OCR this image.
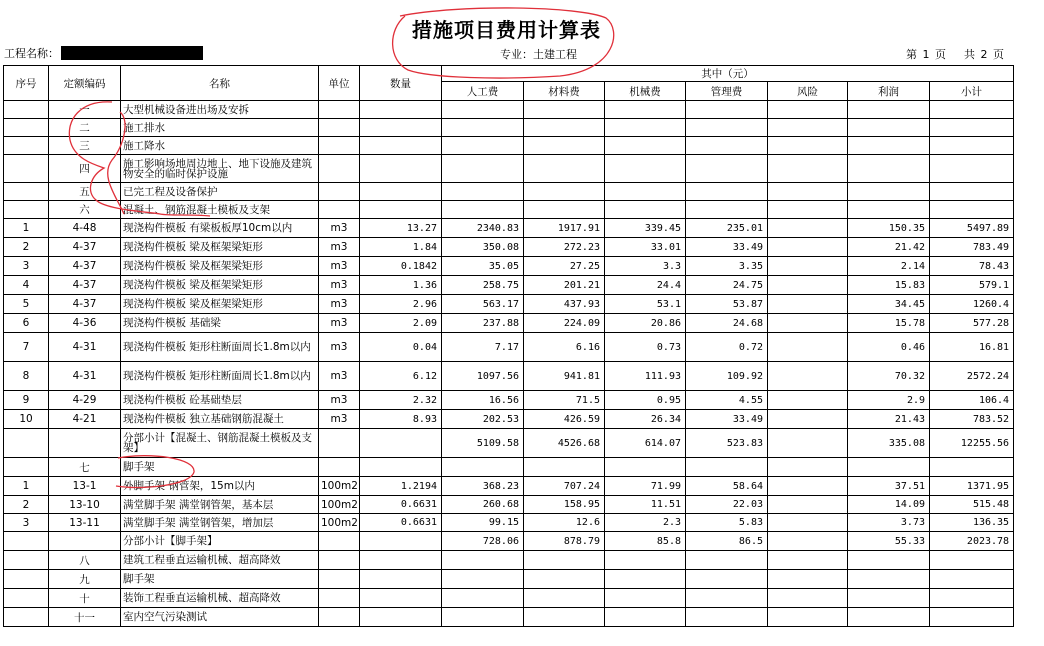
措施项目费用计算表
工程名称：	专业：土建工程	第 1 页 共 2 页
序号	定额编码	名称	单位	数量	其中（元）						
					人工费	材料费	机械费	管理费	风险	利润	小计
	一	大型机械设备进出场及安拆									
	二	施工排水									
	三	施工降水									
	四	施工影响场地周边地上、地下设施及建筑物安全的临时保护设施									
	五	已完工程及设备保护									
	六	混凝土、钢筋混凝土模板及支架									
1	4-48	现浇构件模板 有梁板板厚10cm以内	m3	13.27	2340.83	1917.91	339.45	235.01		150.35	5497.89
2	4-37	现浇构件模板 梁及框架梁矩形	m3	1.84	350.08	272.23	33.01	33.49		21.42	783.49
3	4-37	现浇构件模板 梁及框架梁矩形	m3	0.1842	35.05	27.25	3.3	3.35		2.14	78.43
4	4-37	现浇构件模板 梁及框架梁矩形	m3	1.36	258.75	201.21	24.4	24.75		15.83	579.1
5	4-37	现浇构件模板 梁及框架梁矩形	m3	2.96	563.17	437.93	53.1	53.87		34.45	1260.4
6	4-36	现浇构件模板 基础梁	m3	2.09	237.88	224.09	20.86	24.68		15.78	577.28
7	4-31	现浇构件模板 矩形柱断面周长1.8m以内	m3	0.04	7.17	6.16	0.73	0.72		0.46	16.81
8	4-31	现浇构件模板 矩形柱断面周长1.8m以内	m3	6.12	1097.56	941.81	111.93	109.92		70.32	2572.24
9	4-29	现浇构件模板 砼基础垫层	m3	2.32	16.56	71.5	0.95	4.55		2.9	106.4
10	4-21	现浇构件模板 独立基础钢筋混凝土	m3	8.93	202.53	426.59	26.34	33.49		21.43	783.52
		分部小计【混凝土、钢筋混凝土模板及支架】			5109.58	4526.68	614.07	523.83		335.08	12255.56
	七	脚手架									
1	13-1	外脚手架 钢管架，15m以内	100m2	1.2194	368.23	707.24	71.99	58.64		37.51	1371.95
2	13-10	满堂脚手架 满堂钢管架，基本层	100m2	0.6631	260.68	158.95	11.51	22.03		14.09	515.48
3	13-11	满堂脚手架 满堂钢管架，增加层	100m2	0.6631	99.15	12.6	2.3	5.83		3.73	136.35
		分部小计【脚手架】			728.06	878.79	85.8	86.5		55.33	2023.78
	八	建筑工程垂直运输机械、超高降效									
	九	脚手架									
	十	装饰工程垂直运输机械、超高降效									
	十一	室内空气污染测试									
